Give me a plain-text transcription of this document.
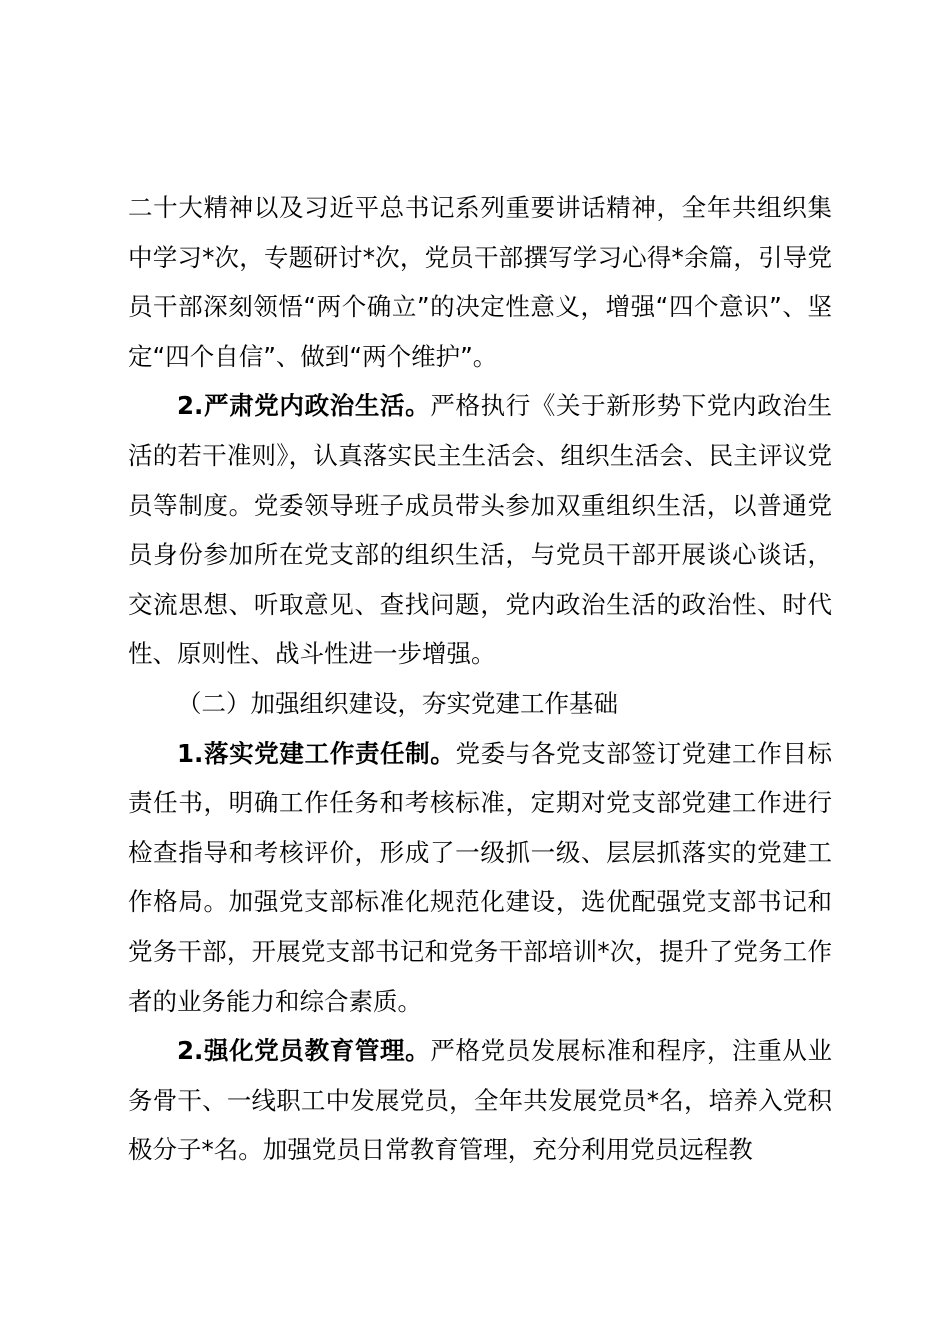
二十大精神以及习近平总书记系列重要讲话精神，全年共组织集中学习*次，专题研讨*次，党员干部撰写学习心得*余篇，引导党员干部深刻领悟“两个确立”的决定性意义，增强“四个意识”、坚定“四个自信”、做到“两个维护”。

2.严肃党内政治生活。严格执行《关于新形势下党内政治生活的若干准则》，认真落实民主生活会、组织生活会、民主评议党员等制度。党委领导班子成员带头参加双重组织生活，以普通党员身份参加所在党支部的组织生活，与党员干部开展谈心谈话，交流思想、听取意见、查找问题，党内政治生活的政治性、时代性、原则性、战斗性进一步增强。

（二）加强组织建设，夯实党建工作基础

1.落实党建工作责任制。党委与各党支部签订党建工作目标责任书，明确工作任务和考核标准，定期对党支部党建工作进行检查指导和考核评价，形成了一级抓一级、层层抓落实的党建工作格局。加强党支部标准化规范化建设，选优配强党支部书记和党务干部，开展党支部书记和党务干部培训*次，提升了党务工作者的业务能力和综合素质。

2.强化党员教育管理。严格党员发展标准和程序，注重从业务骨干、一线职工中发展党员，全年共发展党员*名，培养入党积极分子*名。加强党员日常教育管理，充分利用党员远程教
